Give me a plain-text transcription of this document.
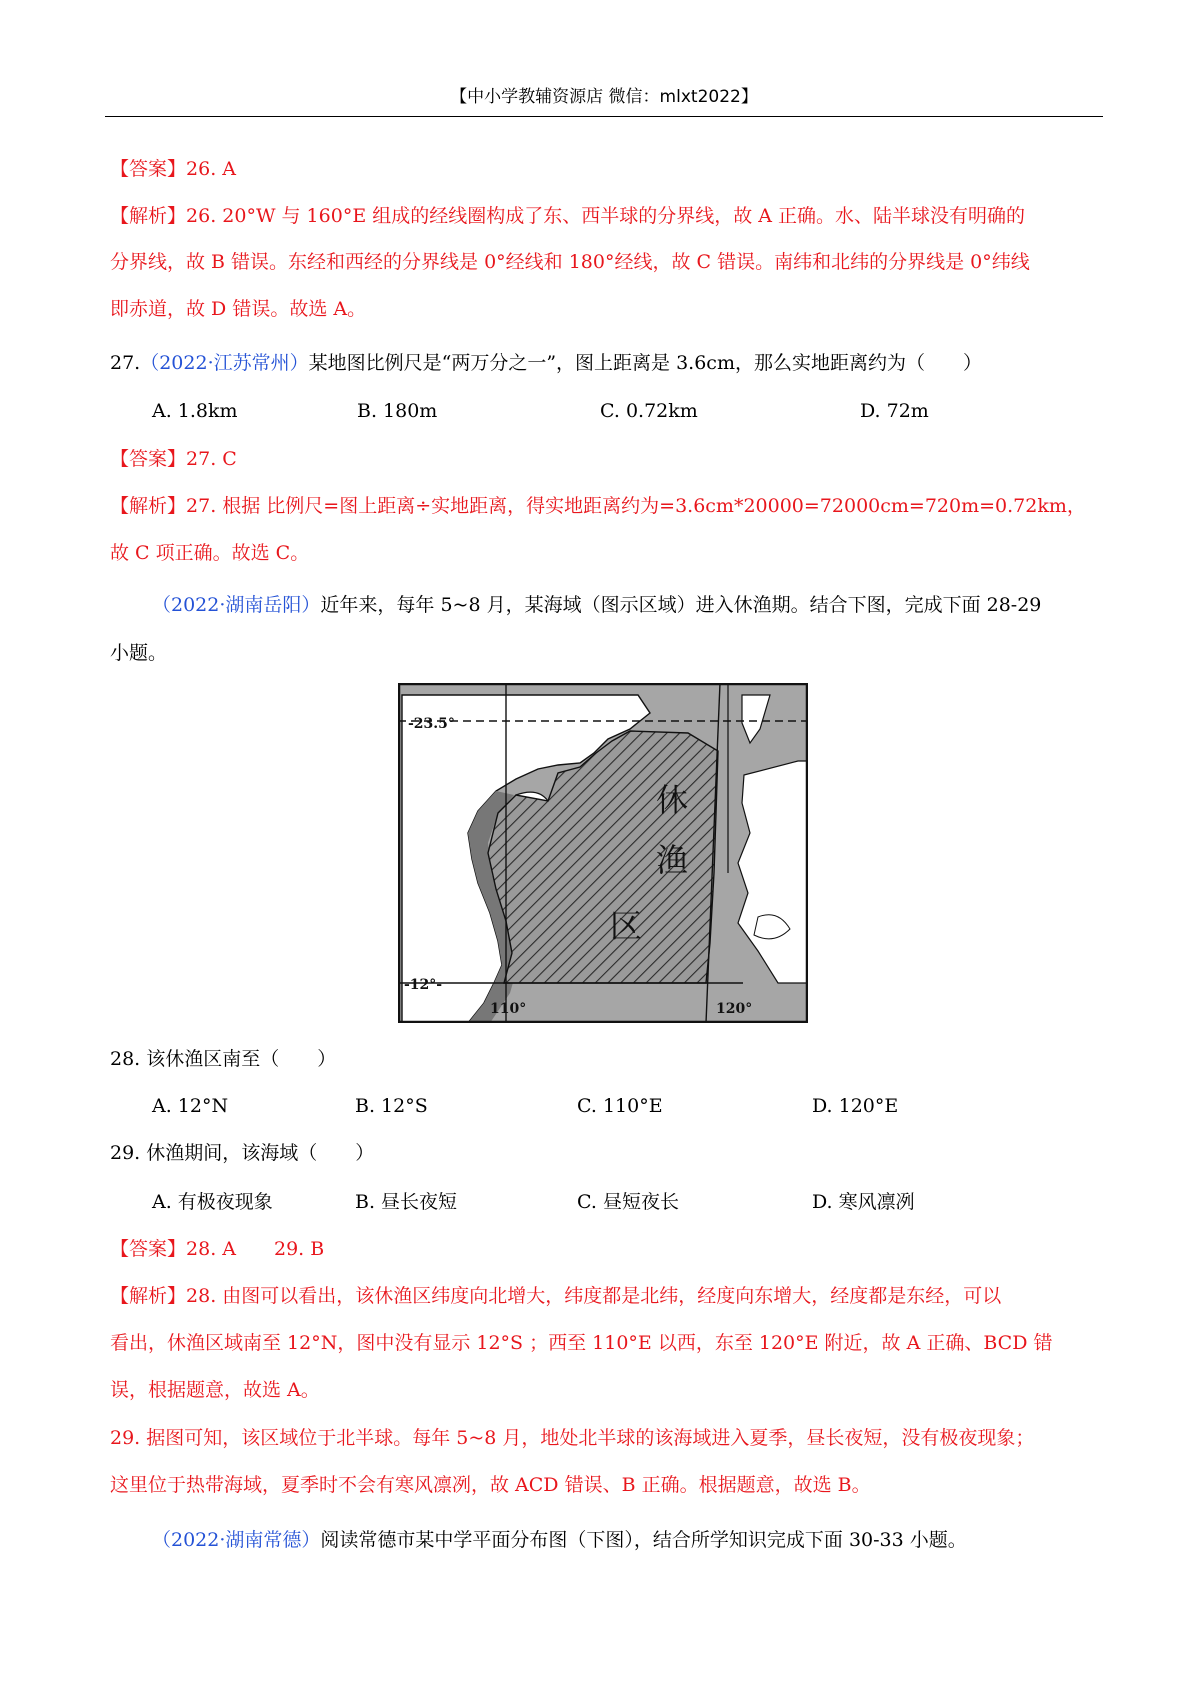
【中小学教辅资源店 微信：mlxt2022】
【答案】26. A
【解析】26. 20°W 与 160°E 组成的经线圈构成了东、西半球的分界线，故 A 正确。水、陆半球没有明确的
分界线，故 B 错误。东经和西经的分界线是 0°经线和 180°经线，故 C 错误。南纬和北纬的分界线是 0°纬线
即赤道，故 D 错误。故选 A。
27.（2022·江苏常州）某地图比例尺是“两万分之一”，图上距离是 3.6cm，那么实地距离约为（　　）
A. 1.8km	B. 180m	C. 0.72km	D. 72m
【答案】27. C
【解析】27. 根据 比例尺=图上距离÷实地距离，得实地距离约为=3.6cm*20000=72000cm=720m=0.72km，
故 C 项正确。故选 C。
（2022·湖南岳阳）近年来，每年 5~8 月，某海域（图示区域）进入休渔期。结合下图，完成下面 28-29
小题。
-23.5°
-12°-
110°	120°
休
渔
区
28. 该休渔区南至（　　）
A. 12°N	B. 12°S	C. 110°E	D. 120°E
29. 休渔期间，该海域（　　）
A. 有极夜现象	B. 昼长夜短	C. 昼短夜长	D. 寒风凛冽
【答案】28. A　　29. B
【解析】28. 由图可以看出，该休渔区纬度向北增大，纬度都是北纬，经度向东增大，经度都是东经，可以
看出，休渔区域南至 12°N，图中没有显示 12°S ；西至 110°E 以西，东至 120°E 附近，故 A 正确、BCD 错
误，根据题意，故选 A。
29. 据图可知，该区域位于北半球。每年 5~8 月，地处北半球的该海域进入夏季，昼长夜短，没有极夜现象；
这里位于热带海域，夏季时不会有寒风凛冽，故 ACD 错误、B 正确。根据题意，故选 B。
（2022·湖南常德）阅读常德市某中学平面分布图（下图），结合所学知识完成下面 30-33 小题。
